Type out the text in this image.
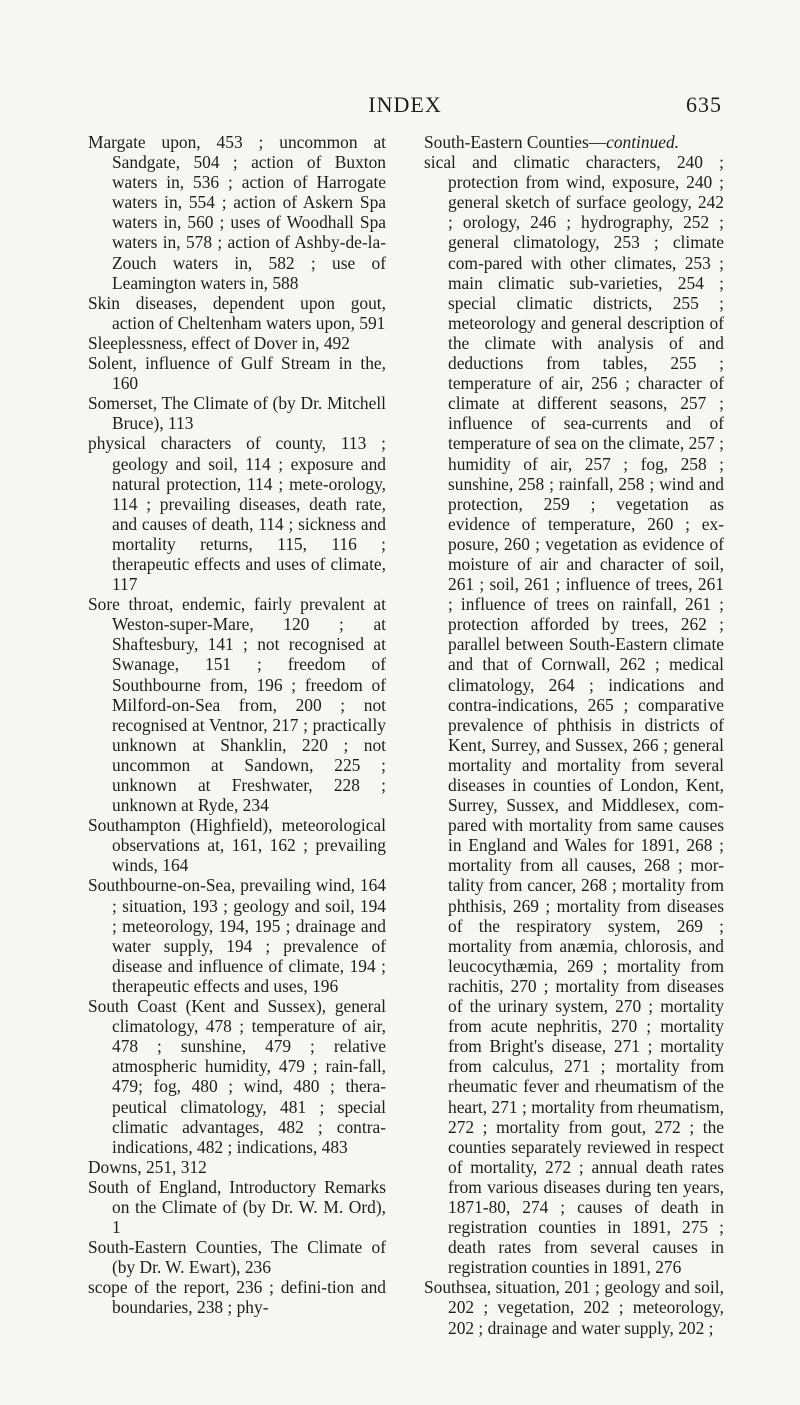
INDEX	635

Margate upon, 453 ; uncommon at Sandgate, 504 ; action of Buxton waters in, 536 ; action of Harrogate waters in, 554 ; action of Askern Spa waters in, 560 ; uses of Woodhall Spa waters in, 578 ; action of Ashby-de-la-Zouch waters in, 582 ; use of Leamington waters in, 588

Skin diseases, dependent upon gout, action of Cheltenham waters upon, 591

Sleeplessness, effect of Dover in, 492

Solent, influence of Gulf Stream in the, 160

Somerset, The Climate of (by Dr. Mitchell Bruce), 113

physical characters of county, 113 ; geology and soil, 114 ; exposure and natural protection, 114 ; mete-orology, 114 ; prevailing diseases, death rate, and causes of death, 114 ; sickness and mortality returns, 115, 116 ; therapeutic effects and uses of climate, 117

Sore throat, endemic, fairly prevalent at Weston-super-Mare, 120 ; at Shaftesbury, 141 ; not recognised at Swanage, 151 ; freedom of Southbourne from, 196 ; freedom of Milford-on-Sea from, 200 ; not recognised at Ventnor, 217 ; practically unknown at Shanklin, 220 ; not uncommon at Sandown, 225 ; unknown at Freshwater, 228 ; unknown at Ryde, 234

Southampton (Highfield), meteorological observations at, 161, 162 ; prevailing winds, 164

Southbourne-on-Sea, prevailing wind, 164 ; situation, 193 ; geology and soil, 194 ; meteorology, 194, 195 ; drainage and water supply, 194 ; prevalence of disease and influence of climate, 194 ; therapeutic effects and uses, 196

South Coast (Kent and Sussex), general climatology, 478 ; temperature of air, 478 ; sunshine, 479 ; relative atmospheric humidity, 479 ; rain-fall, 479; fog, 480 ; wind, 480 ; thera-peutical climatology, 481 ; special climatic advantages, 482 ; contra-indications, 482 ; indications, 483

Downs, 251, 312

South of England, Introductory Remarks on the Climate of (by Dr. W. M. Ord), 1

South-Eastern Counties, The Climate of (by Dr. W. Ewart), 236

scope of the report, 236 ; defini-tion and boundaries, 238 ; phy-

South-Eastern Counties—continued.

sical and climatic characters, 240 ; protection from wind, exposure, 240 ; general sketch of surface geology, 242 ; orology, 246 ; hydrography, 252 ; general climatology, 253 ; climate com-pared with other climates, 253 ; main climatic sub-varieties, 254 ; special climatic districts, 255 ; meteorology and general description of the climate with analysis of and deductions from tables, 255 ; temperature of air, 256 ; character of climate at different seasons, 257 ; influence of sea-currents and of temperature of sea on the climate, 257 ; humidity of air, 257 ; fog, 258 ; sunshine, 258 ; rainfall, 258 ; wind and protection, 259 ; vegetation as evidence of temperature, 260 ; ex-posure, 260 ; vegetation as evidence of moisture of air and character of soil, 261 ; soil, 261 ; influence of trees, 261 ; influence of trees on rainfall, 261 ; protection afforded by trees, 262 ; parallel between South-Eastern climate and that of Cornwall, 262 ; medical climatology, 264 ; indications and contra-indications, 265 ; comparative prevalence of phthisis in districts of Kent, Surrey, and Sussex, 266 ; general mortality and mortality from several diseases in counties of London, Kent, Surrey, Sussex, and Middlesex, com-pared with mortality from same causes in England and Wales for 1891, 268 ; mortality from all causes, 268 ; mor-tality from cancer, 268 ; mortality from phthisis, 269 ; mortality from diseases of the respiratory system, 269 ; mortality from anæmia, chlorosis, and leucocythæmia, 269 ; mortality from rachitis, 270 ; mortality from diseases of the urinary system, 270 ; mortality from acute nephritis, 270 ; mortality from Bright's disease, 271 ; mortality from calculus, 271 ; mortality from rheumatic fever and rheumatism of the heart, 271 ; mortality from rheumatism, 272 ; mortality from gout, 272 ; the counties separately reviewed in respect of mortality, 272 ; annual death rates from various diseases during ten years, 1871-80, 274 ; causes of death in registration counties in 1891, 275 ; death rates from several causes in registration counties in 1891, 276

Southsea, situation, 201 ; geology and soil, 202 ; vegetation, 202 ; meteorology, 202 ; drainage and water supply, 202 ;
